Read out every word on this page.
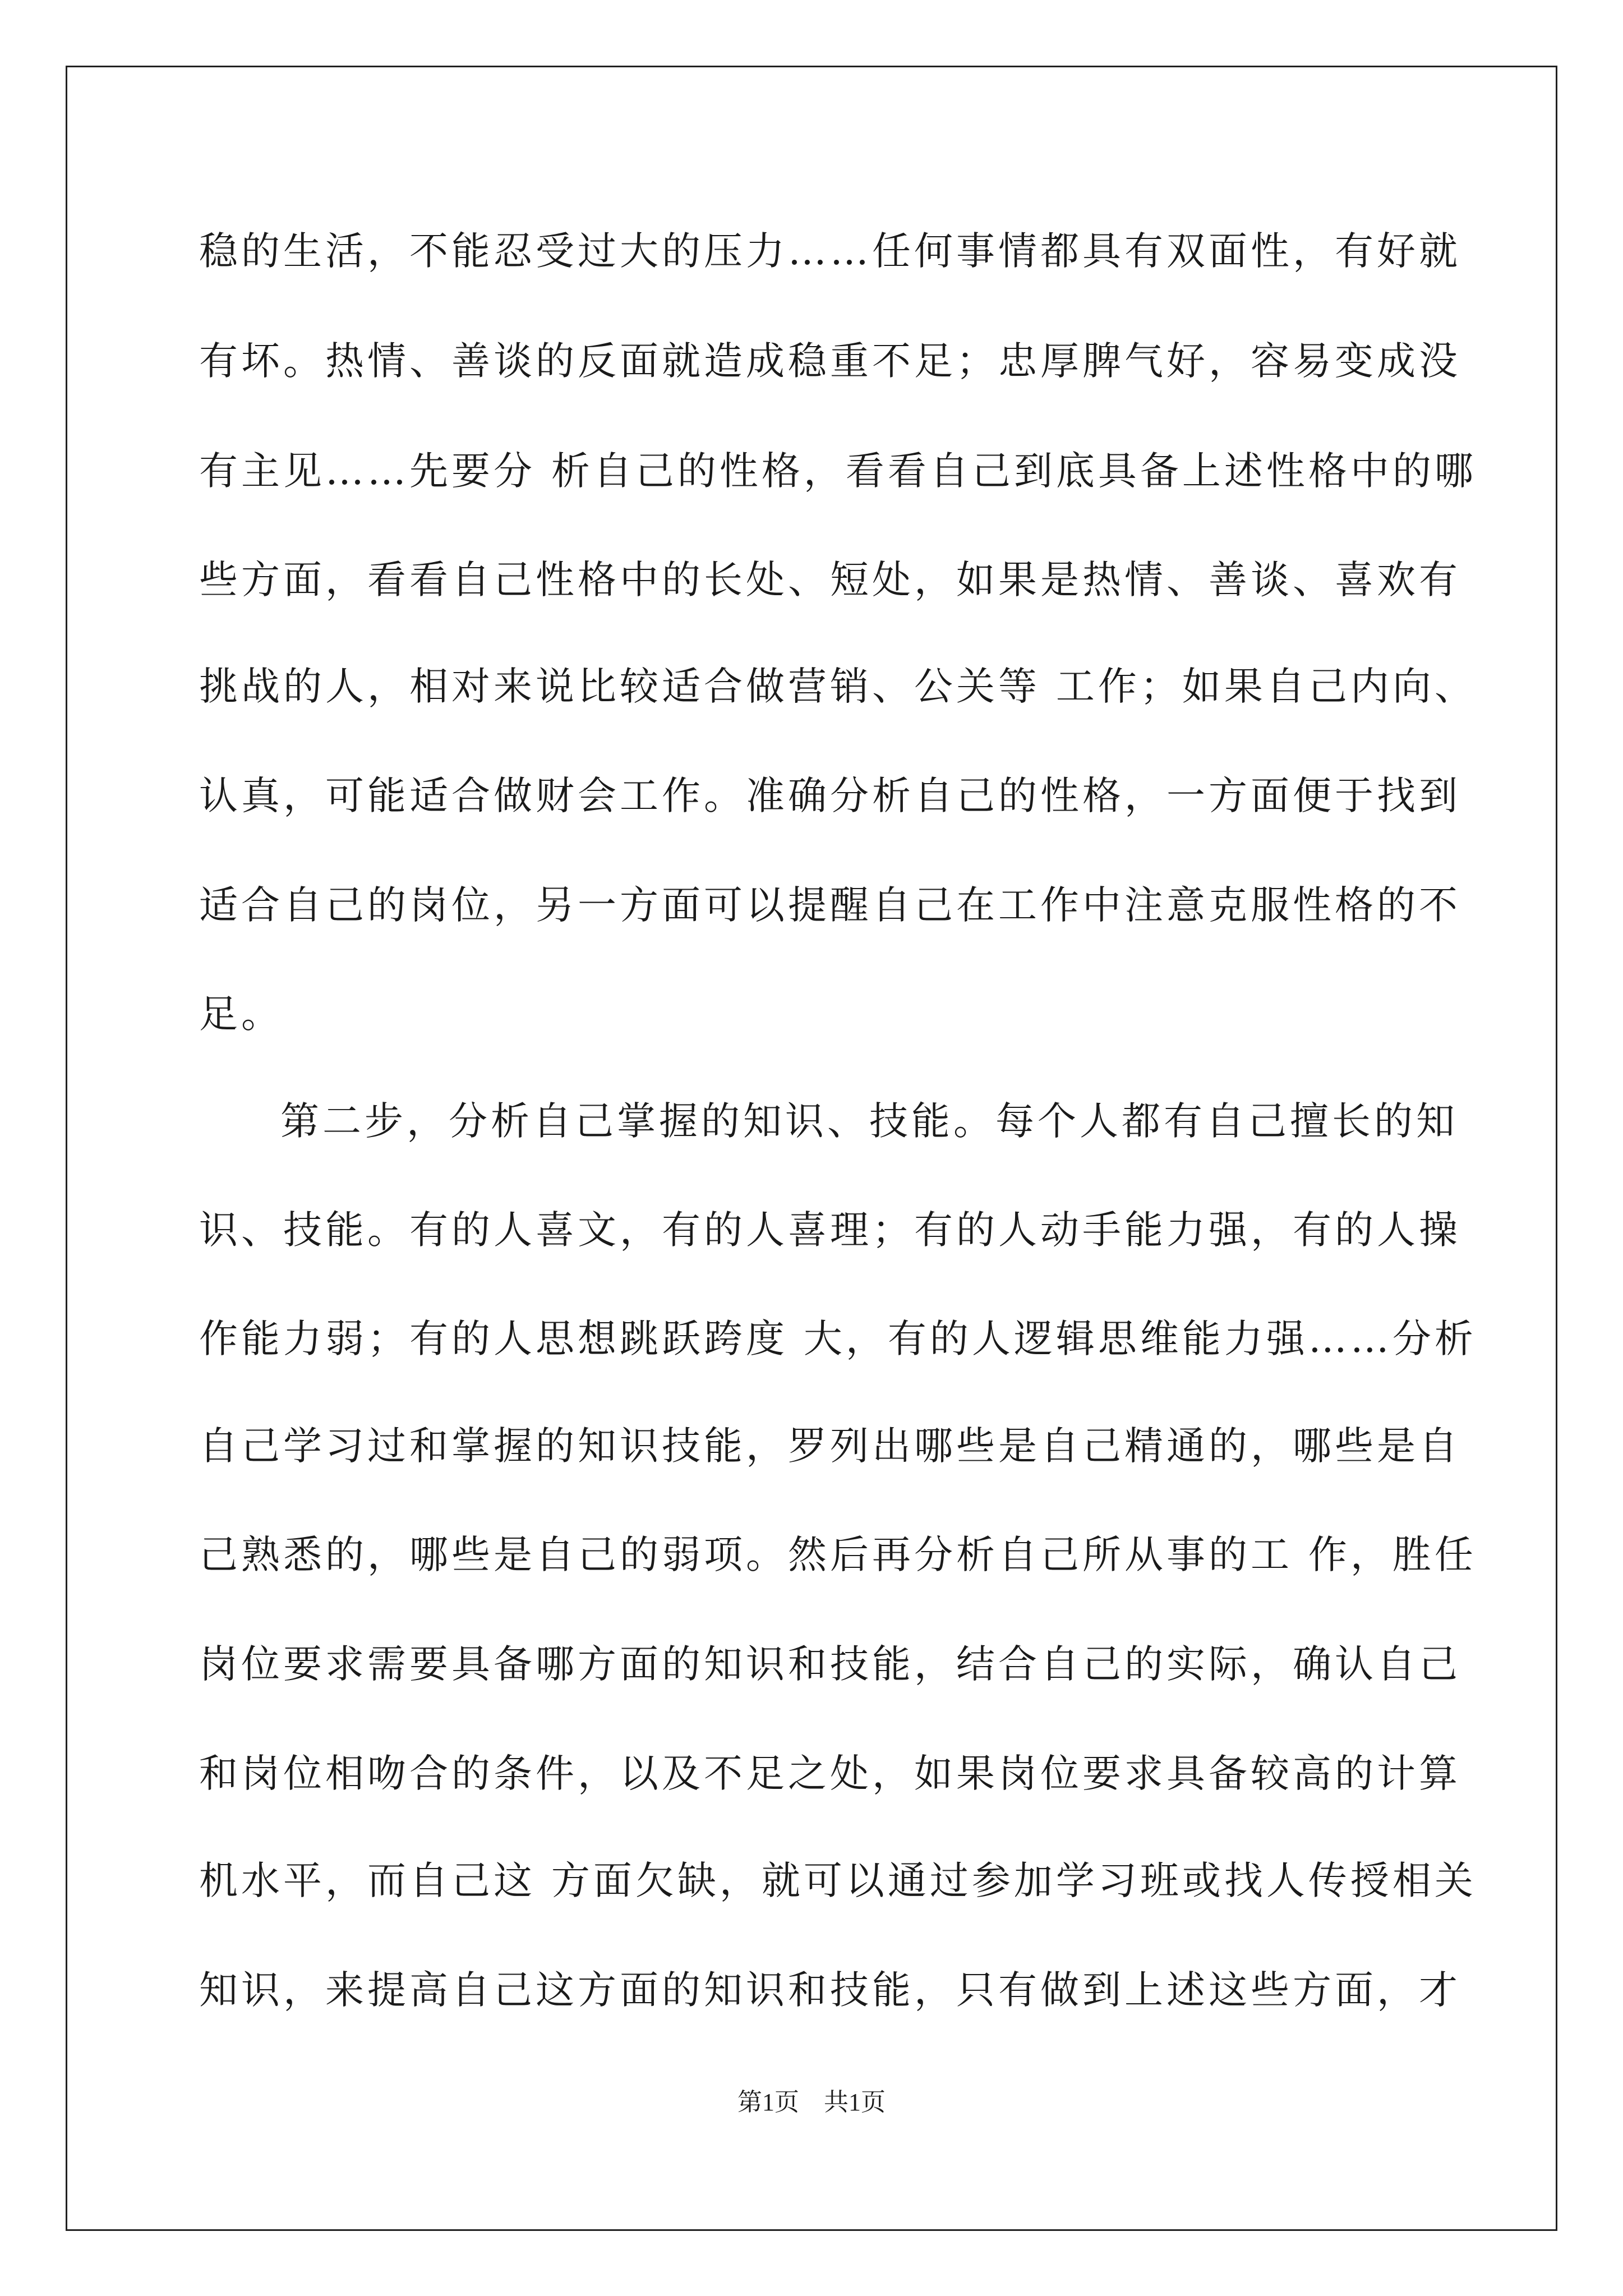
稳的生活，不能忍受过大的压力……任何事情都具有双面性，有好就
有坏。热情、善谈的反面就造成稳重不足；忠厚脾气好，容易变成没
有主见……先要分 析自己的性格，看看自己到底具备上述性格中的哪
些方面，看看自己性格中的长处、短处，如果是热情、善谈、喜欢有
挑战的人，相对来说比较适合做营销、公关等 工作；如果自己内向、
认真，可能适合做财会工作。准确分析自己的性格，一方面便于找到
适合自己的岗位，另一方面可以提醒自己在工作中注意克服性格的不
足。
第二步，分析自己掌握的知识、技能。每个人都有自己擅长的知
识、技能。有的人喜文，有的人喜理；有的人动手能力强，有的人操
作能力弱；有的人思想跳跃跨度 大，有的人逻辑思维能力强……分析
自己学习过和掌握的知识技能，罗列出哪些是自己精通的，哪些是自
己熟悉的，哪些是自己的弱项。然后再分析自己所从事的工 作，胜任
岗位要求需要具备哪方面的知识和技能，结合自己的实际，确认自己
和岗位相吻合的条件，以及不足之处，如果岗位要求具备较高的计算
机水平，而自己这 方面欠缺，就可以通过参加学习班或找人传授相关
知识，来提高自己这方面的知识和技能，只有做到上述这些方面，才
第1页　共1页
